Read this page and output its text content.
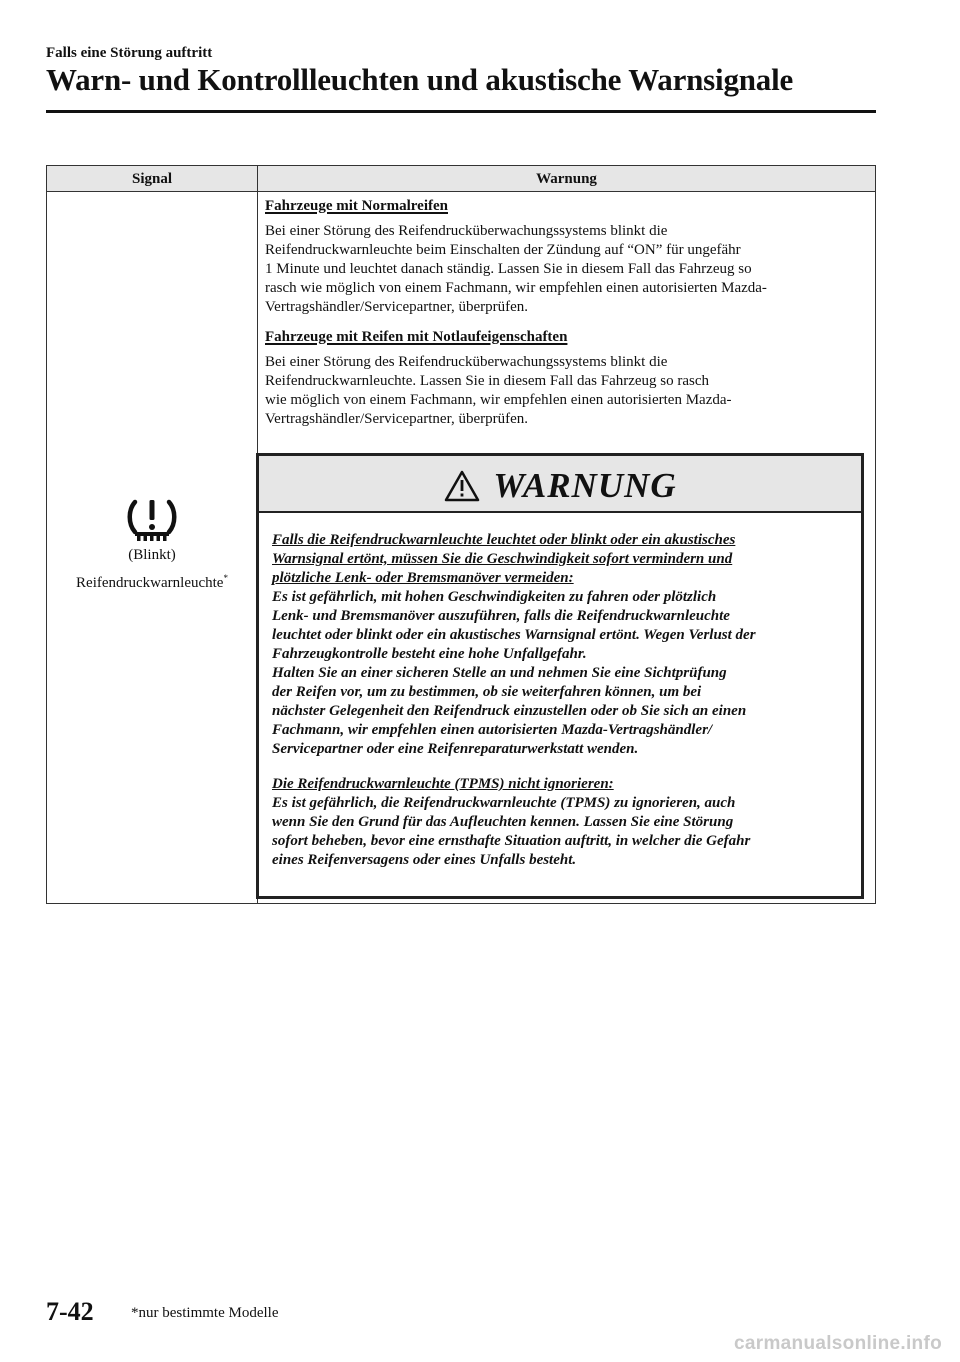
Falls eine Störung auftritt
Warn- und Kontrollleuchten und akustische Warnsignale
Signal	Warnung
(Blinkt)
Reifendruckwarnleuchte*
Fahrzeuge mit Normalreifen
Bei einer Störung des Reifendrucküberwachungssystems blinkt die
Reifendruckwarnleuchte beim Einschalten der Zündung auf “ON” für ungefähr
1 Minute und leuchtet danach ständig. Lassen Sie in diesem Fall das Fahrzeug so
rasch wie möglich von einem Fachmann, wir empfehlen einen autorisierten Mazda-
Vertragshändler/Servicepartner, überprüfen.
Fahrzeuge mit Reifen mit Notlaufeigenschaften
Bei einer Störung des Reifendrucküberwachungssystems blinkt die
Reifendruckwarnleuchte. Lassen Sie in diesem Fall das Fahrzeug so rasch
wie möglich von einem Fachmann, wir empfehlen einen autorisierten Mazda-
Vertragshändler/Servicepartner, überprüfen.
WARNUNG
Falls die Reifendruckwarnleuchte leuchtet oder blinkt oder ein akustisches
Warnsignal ertönt, müssen Sie die Geschwindigkeit sofort vermindern und
plötzliche Lenk- oder Bremsmanöver vermeiden:
Es ist gefährlich, mit hohen Geschwindigkeiten zu fahren oder plötzlich
Lenk- und Bremsmanöver auszuführen, falls die Reifendruckwarnleuchte
leuchtet oder blinkt oder ein akustisches Warnsignal ertönt. Wegen Verlust der
Fahrzeugkontrolle besteht eine hohe Unfallgefahr.
Halten Sie an einer sicheren Stelle an und nehmen Sie eine Sichtprüfung
der Reifen vor, um zu bestimmen, ob sie weiterfahren können, um bei
nächster Gelegenheit den Reifendruck einzustellen oder ob Sie sich an einen
Fachmann, wir empfehlen einen autorisierten Mazda-Vertragshändler/
Servicepartner oder eine Reifenreparaturwerkstatt wenden.
Die Reifendruckwarnleuchte (TPMS) nicht ignorieren:
Es ist gefährlich, die Reifendruckwarnleuchte (TPMS) zu ignorieren, auch
wenn Sie den Grund für das Aufleuchten kennen. Lassen Sie eine Störung
sofort beheben, bevor eine ernsthafte Situation auftritt, in welcher die Gefahr
eines Reifenversagens oder eines Unfalls besteht.
7-42 *nur bestimmte Modelle
carmanualsonline.info
